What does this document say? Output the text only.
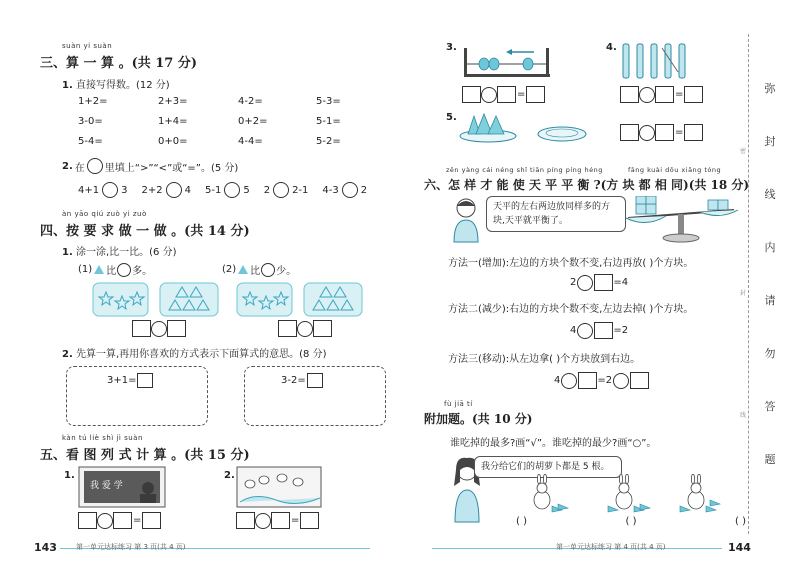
suàn yi suàn
三、算 一 算 。(共 17 分)
1. 直接写得数。(12 分)
1+2=	2+3=	4-2=	5-3=
3-0=	1+4=	0+2=	5-1=
5-4=	0+0=	4-4=	5-2=
2. 在 里填上“>”“<”或“=”。(5 分)
4+1 3 2+2 4 5-1 5 2 2-1 4-3 2
àn yāo qiú zuò yi zuò
四、按 要 求 做 一 做 。(共 14 分)
1. 涂一涂,比一比。(6 分)
(1) 比 多。	(2) 比 少。
2. 先算一算,再用你喜欢的方式表示下面算式的意思。(8 分)
3+1=	3-2=
kàn tú liè shì jì suàn
五、看 图 列 式 计 算 。(共 15 分)
1.
我 爱 学
=
2.
=
143	第一单元达标练习 第 3 页(共 4 页)
3.
=
4.
=
5.
=
zěn yàng cái néng shǐ tiān píng píng héng	fāng kuài dōu xiāng tóng
六、怎 样 才 能 使 天 平 平 衡 ?(方 块 都 相 同)(共 18 分)
天平的左右两边放同样多的方块,天平就平衡了。
方法一(增加):左边的方块个数不变,右边再放( )个方块。
2	=4
方法二(减少):右边的方块个数不变,左边去掉( )个方块。
4	=2
方法三(移动):从左边拿( )个方块放到右边。
4	=2
fù jiā tí
附加题。(共 10 分)
谁吃掉的最多?画“√”。谁吃掉的最少?画“○”。
我分给它们的胡萝卜都是 5 根。
( )	( )	( )
第一单元达标练习 第 4 页(共 4 页)	144
弥
封
线
内
请
勿
答
题
密
封
线
